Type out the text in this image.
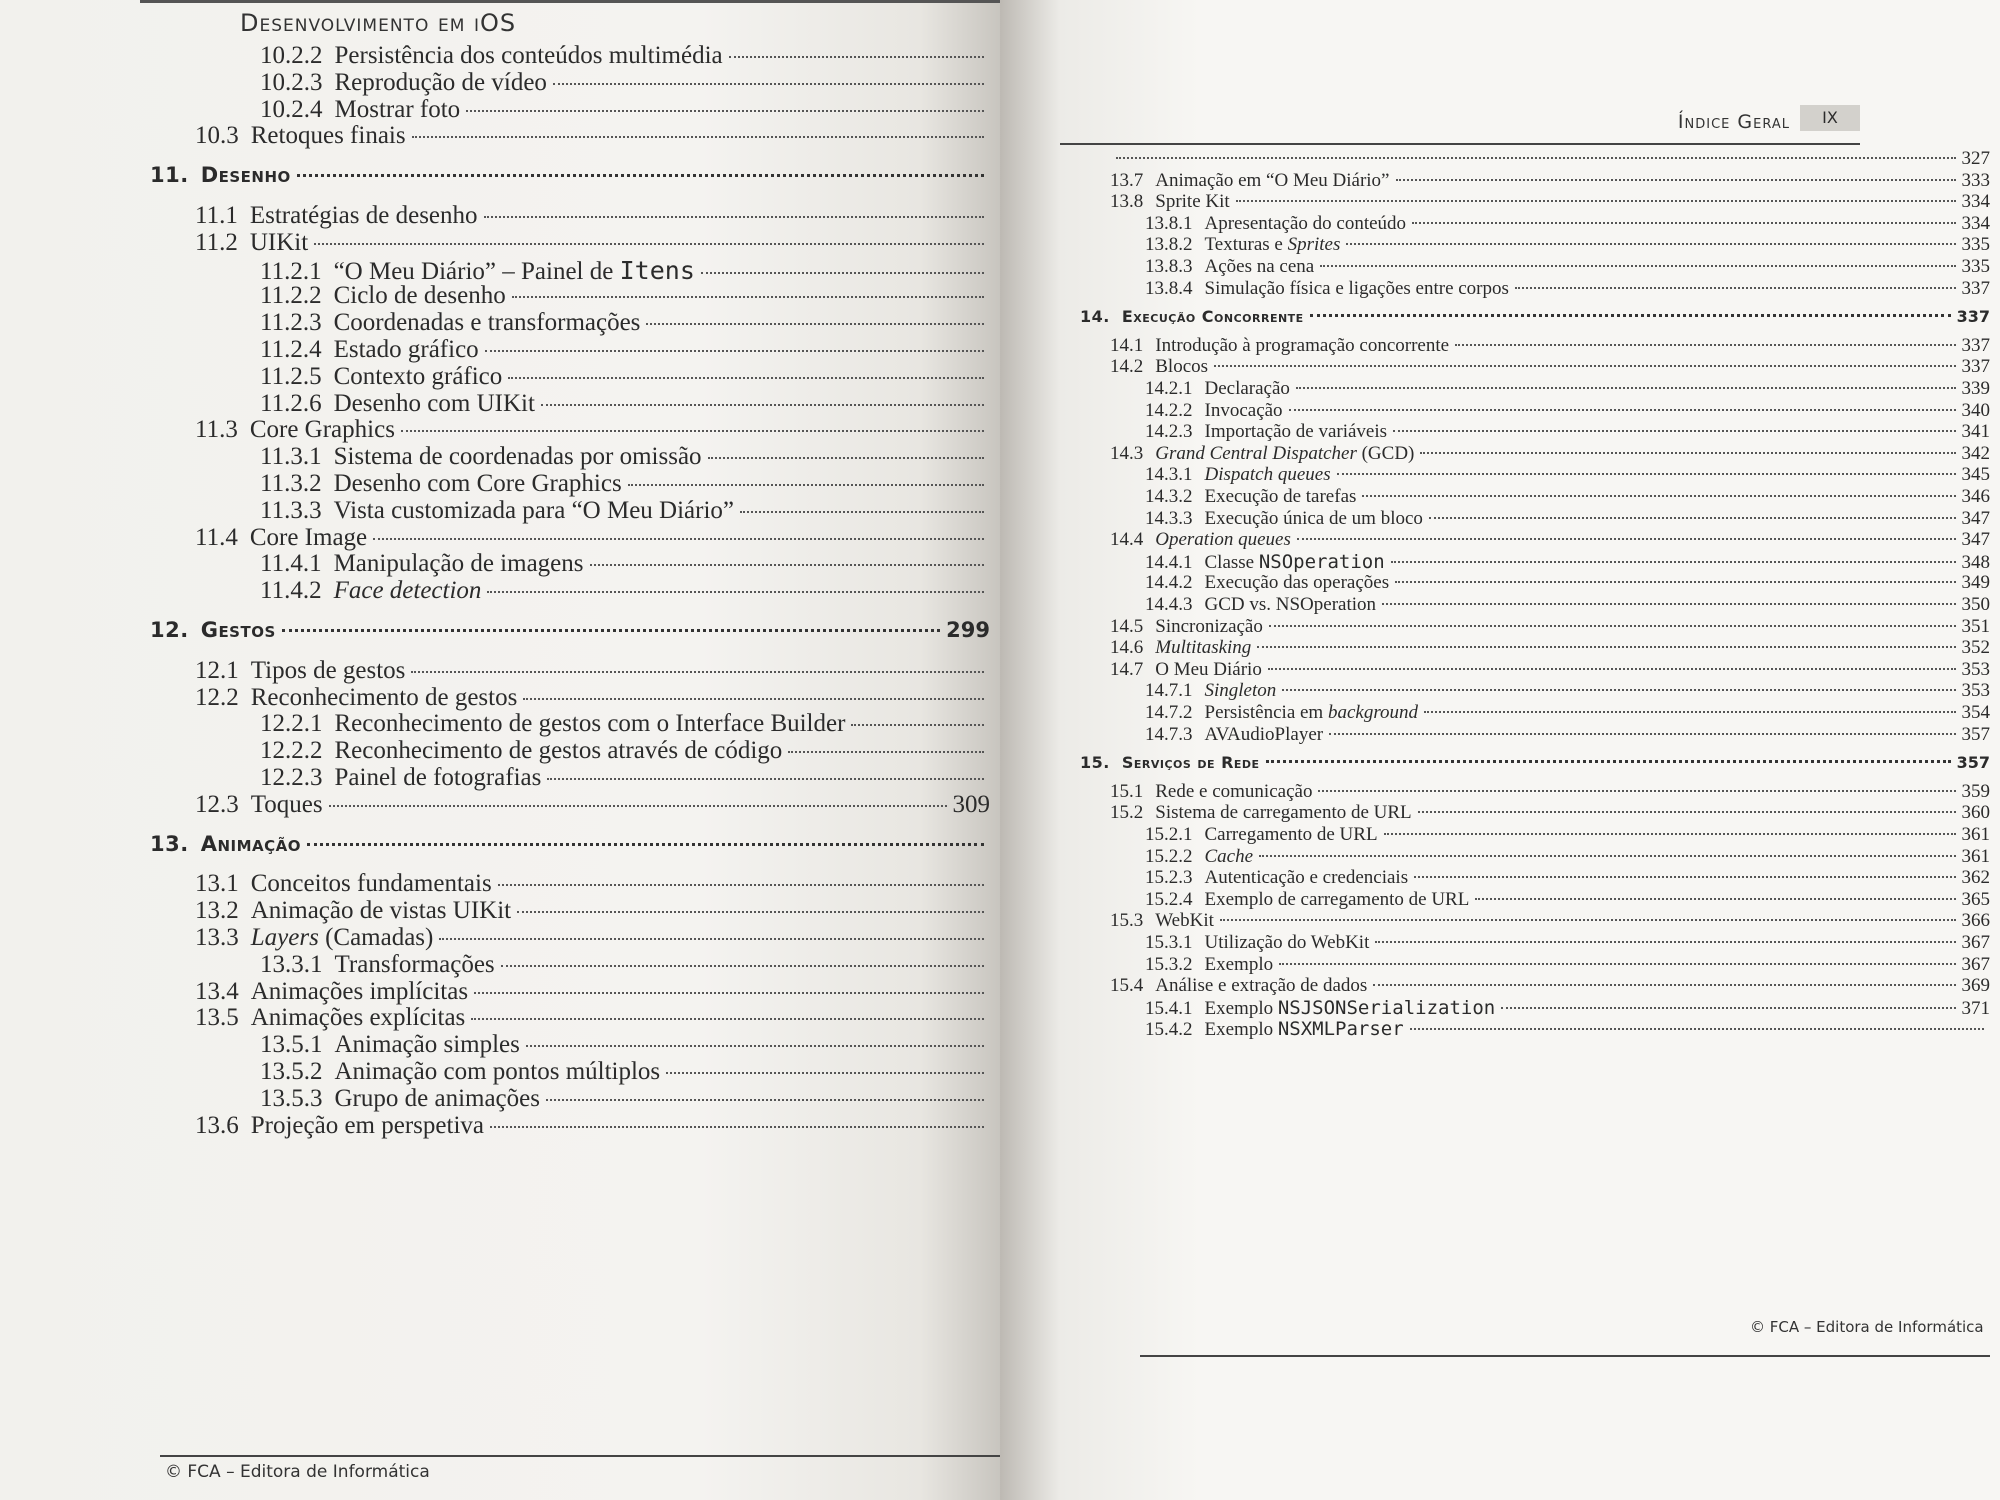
Desenvolvimento em iOS
10.2.2 Persistência dos conteúdos multimédia
10.2.3 Reprodução de vídeo
10.2.4 Mostrar foto
10.3 Retoques finais
11. Desenho
11.1 Estratégias de desenho
11.2 UIKit
11.2.1 “O Meu Diário” – Painel de Itens
11.2.2 Ciclo de desenho
11.2.3 Coordenadas e transformações
11.2.4 Estado gráfico
11.2.5 Contexto gráfico
11.2.6 Desenho com UIKit
11.3 Core Graphics
11.3.1 Sistema de coordenadas por omissão
11.3.2 Desenho com Core Graphics
11.3.3 Vista customizada para “O Meu Diário”
11.4 Core Image
11.4.1 Manipulação de imagens
11.4.2 Face detection
12. Gestos	299
12.1 Tipos de gestos
12.2 Reconhecimento de gestos
12.2.1 Reconhecimento de gestos com o Interface Builder
12.2.2 Reconhecimento de gestos através de código
12.2.3 Painel de fotografias
12.3 Toques	309
13. Animação
13.1 Conceitos fundamentais
13.2 Animação de vistas UIKit
13.3 Layers (Camadas)
13.3.1 Transformações
13.4 Animações implícitas
13.5 Animações explícitas
13.5.1 Animação simples
13.5.2 Animação com pontos múltiplos
13.5.3 Grupo de animações
13.6 Projeção em perspetiva
© FCA – Editora de Informática
Índice Geral	IX
327
13.7 Animação em “O Meu Diário”	333
13.8 Sprite Kit	334
13.8.1 Apresentação do conteúdo	334
13.8.2 Texturas e Sprites	335
13.8.3 Ações na cena	335
13.8.4 Simulação física e ligações entre corpos	337
14. Execução Concorrente	337
14.1 Introdução à programação concorrente	337
14.2 Blocos	337
14.2.1 Declaração	339
14.2.2 Invocação	340
14.2.3 Importação de variáveis	341
14.3 Grand Central Dispatcher (GCD)	342
14.3.1 Dispatch queues	345
14.3.2 Execução de tarefas	346
14.3.3 Execução única de um bloco	347
14.4 Operation queues	347
14.4.1 Classe NSOperation	348
14.4.2 Execução das operações	349
14.4.3 GCD vs. NSOperation	350
14.5 Sincronização	351
14.6 Multitasking	352
14.7 O Meu Diário	353
14.7.1 Singleton	353
14.7.2 Persistência em background	354
14.7.3 AVAudioPlayer	357
15. Serviços de Rede	357
15.1 Rede e comunicação	359
15.2 Sistema de carregamento de URL	360
15.2.1 Carregamento de URL	361
15.2.2 Cache	361
15.2.3 Autenticação e credenciais	362
15.2.4 Exemplo de carregamento de URL	365
15.3 WebKit	366
15.3.1 Utilização do WebKit	367
15.3.2 Exemplo	367
15.4 Análise e extração de dados	369
15.4.1 Exemplo NSJSONSerialization	371
15.4.2 Exemplo NSXMLParser
© FCA – Editora de Informática
